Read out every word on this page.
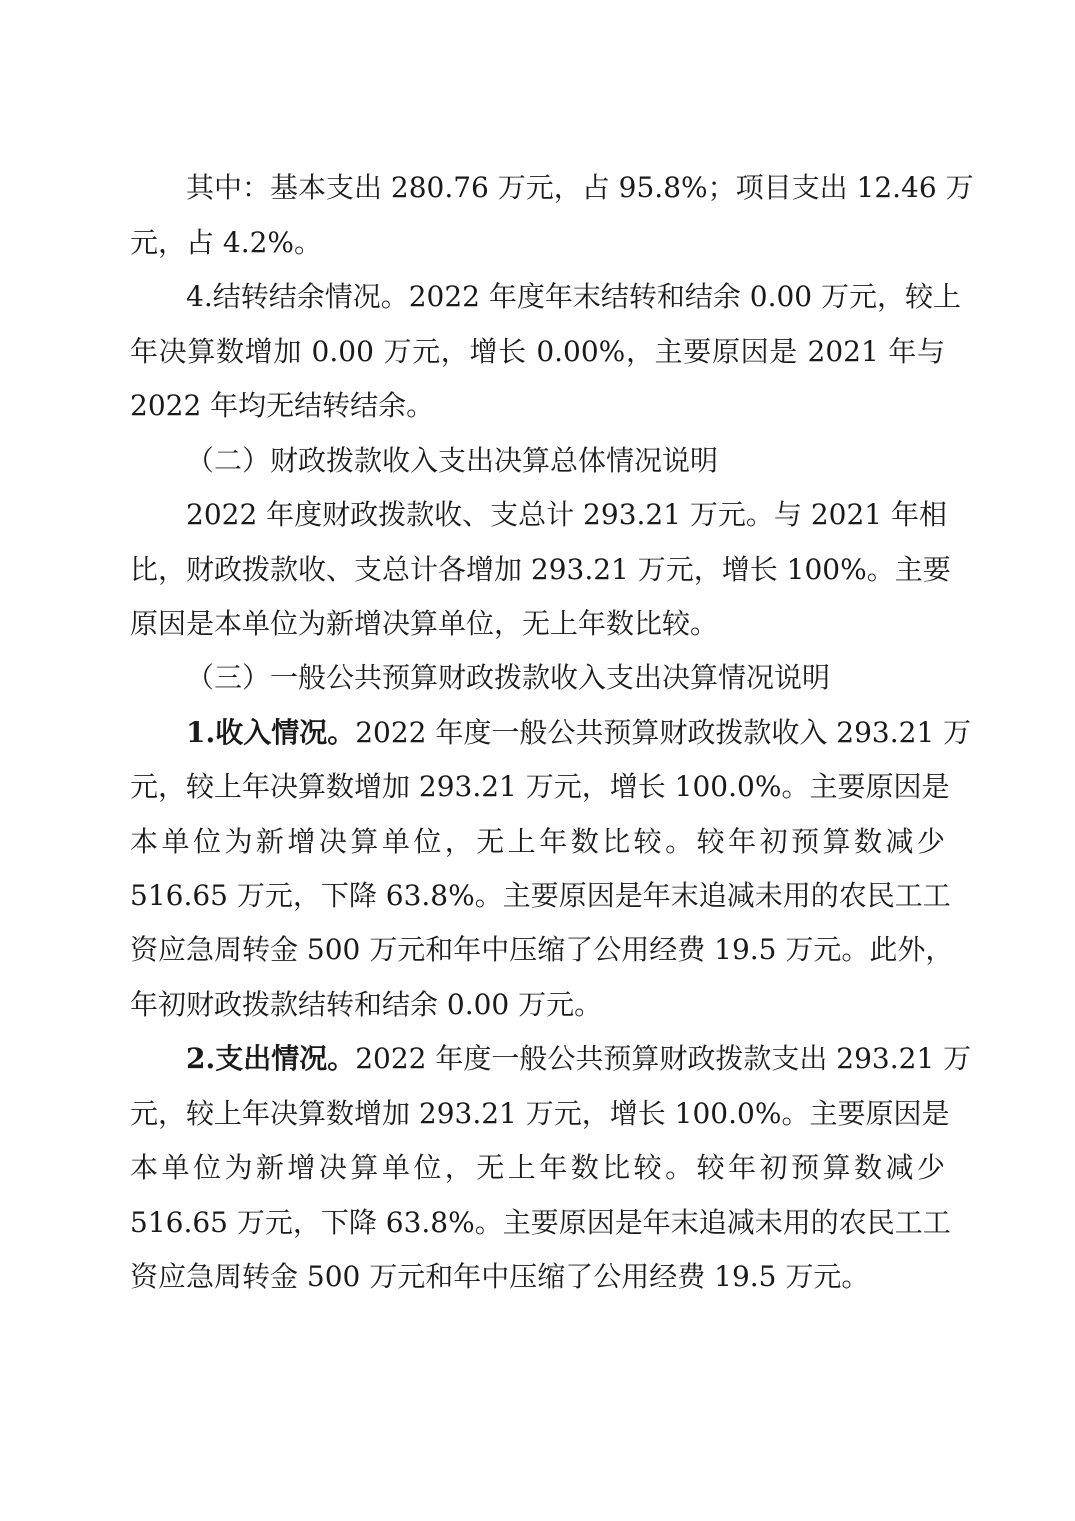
其中：基本支出 280.76 万元，占 95.8%；项目支出 12.46 万
元，占 4.2%。
4.结转结余情况。2022 年度年末结转和结余 0.00 万元，较上
年决算数增加 0.00 万元，增长 0.00%，主要原因是 2021 年与
2022 年均无结转结余。
（二）财政拨款收入支出决算总体情况说明
2022 年度财政拨款收、支总计 293.21 万元。与 2021 年相
比，财政拨款收、支总计各增加 293.21 万元，增长 100%。主要
原因是本单位为新增决算单位，无上年数比较。
（三）一般公共预算财政拨款收入支出决算情况说明
1.收入情况。2022 年度一般公共预算财政拨款收入 293.21 万
元，较上年决算数增加 293.21 万元，增长 100.0%。主要原因是
本单位为新增决算单位，无上年数比较。较年初预算数减少
516.65 万元，下降 63.8%。主要原因是年末追减未用的农民工工
资应急周转金 500 万元和年中压缩了公用经费 19.5 万元。此外，
年初财政拨款结转和结余 0.00 万元。
2.支出情况。2022 年度一般公共预算财政拨款支出 293.21 万
元，较上年决算数增加 293.21 万元，增长 100.0%。主要原因是
本单位为新增决算单位，无上年数比较。较年初预算数减少
516.65 万元，下降 63.8%。主要原因是年末追减未用的农民工工
资应急周转金 500 万元和年中压缩了公用经费 19.5 万元。
